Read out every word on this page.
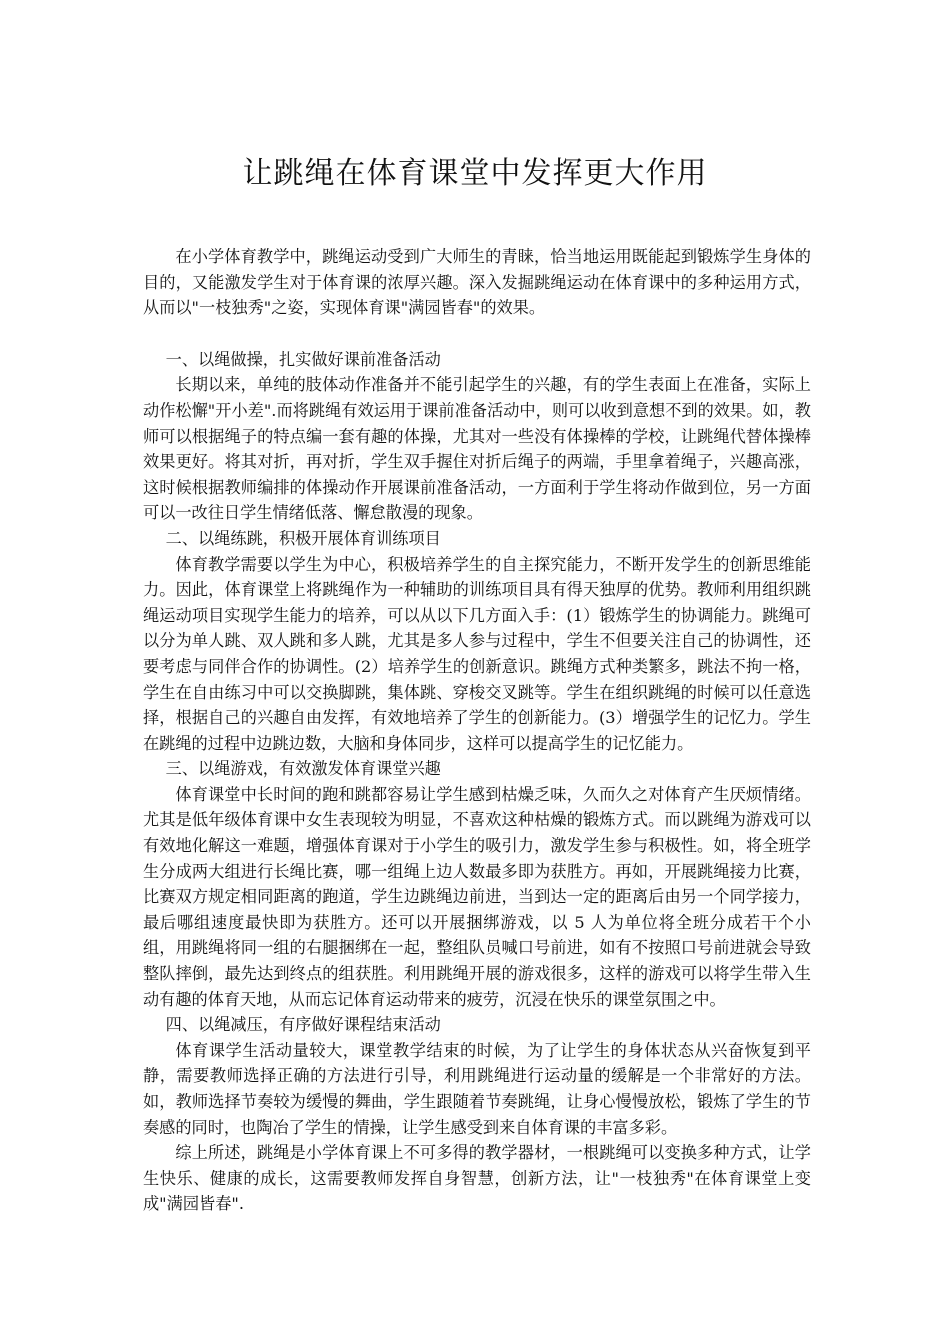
让跳绳在体育课堂中发挥更大作用

在小学体育教学中，跳绳运动受到广大师生的青睐，恰当地运用既能起到锻炼学生身体的目的，又能激发学生对于体育课的浓厚兴趣。深入发掘跳绳运动在体育课中的多种运用方式，从而以"一枝独秀"之姿，实现体育课"满园皆春"的效果。

一、以绳做操，扎实做好课前准备活动

长期以来，单纯的肢体动作准备并不能引起学生的兴趣，有的学生表面上在准备，实际上动作松懈"开小差".而将跳绳有效运用于课前准备活动中，则可以收到意想不到的效果。如，教师可以根据绳子的特点编一套有趣的体操，尤其对一些没有体操棒的学校，让跳绳代替体操棒效果更好。将其对折，再对折，学生双手握住对折后绳子的两端，手里拿着绳子，兴趣高涨，这时候根据教师编排的体操动作开展课前准备活动，一方面利于学生将动作做到位，另一方面可以一改往日学生情绪低落、懈怠散漫的现象。

二、以绳练跳，积极开展体育训练项目

体育教学需要以学生为中心，积极培养学生的自主探究能力，不断开发学生的创新思维能力。因此，体育课堂上将跳绳作为一种辅助的训练项目具有得天独厚的优势。教师利用组织跳绳运动项目实现学生能力的培养，可以从以下几方面入手：(1）锻炼学生的协调能力。跳绳可以分为单人跳、双人跳和多人跳，尤其是多人参与过程中，学生不但要关注自己的协调性，还要考虑与同伴合作的协调性。(2）培养学生的创新意识。跳绳方式种类繁多，跳法不拘一格，学生在自由练习中可以交换脚跳，集体跳、穿梭交叉跳等。学生在组织跳绳的时候可以任意选择，根据自己的兴趣自由发挥，有效地培养了学生的创新能力。(3）增强学生的记忆力。学生在跳绳的过程中边跳边数，大脑和身体同步，这样可以提高学生的记忆能力。

三、以绳游戏，有效激发体育课堂兴趣

体育课堂中长时间的跑和跳都容易让学生感到枯燥乏味，久而久之对体育产生厌烦情绪。尤其是低年级体育课中女生表现较为明显，不喜欢这种枯燥的锻炼方式。而以跳绳为游戏可以有效地化解这一难题，增强体育课对于小学生的吸引力，激发学生参与积极性。如，将全班学生分成两大组进行长绳比赛，哪一组绳上边人数最多即为获胜方。再如，开展跳绳接力比赛，比赛双方规定相同距离的跑道，学生边跳绳边前进，当到达一定的距离后由另一个同学接力，最后哪组速度最快即为获胜方。还可以开展捆绑游戏，以 5 人为单位将全班分成若干个小组，用跳绳将同一组的右腿捆绑在一起，整组队员喊口号前进，如有不按照口号前进就会导致整队摔倒，最先达到终点的组获胜。利用跳绳开展的游戏很多，这样的游戏可以将学生带入生动有趣的体育天地，从而忘记体育运动带来的疲劳，沉浸在快乐的课堂氛围之中。

四、以绳减压，有序做好课程结束活动

体育课学生活动量较大，课堂教学结束的时候，为了让学生的身体状态从兴奋恢复到平静，需要教师选择正确的方法进行引导，利用跳绳进行运动量的缓解是一个非常好的方法。如，教师选择节奏较为缓慢的舞曲，学生跟随着节奏跳绳，让身心慢慢放松，锻炼了学生的节奏感的同时，也陶冶了学生的情操，让学生感受到来自体育课的丰富多彩。

综上所述，跳绳是小学体育课上不可多得的教学器材，一根跳绳可以变换多种方式，让学生快乐、健康的成长，这需要教师发挥自身智慧，创新方法，让"一枝独秀"在体育课堂上变成"满园皆春".
